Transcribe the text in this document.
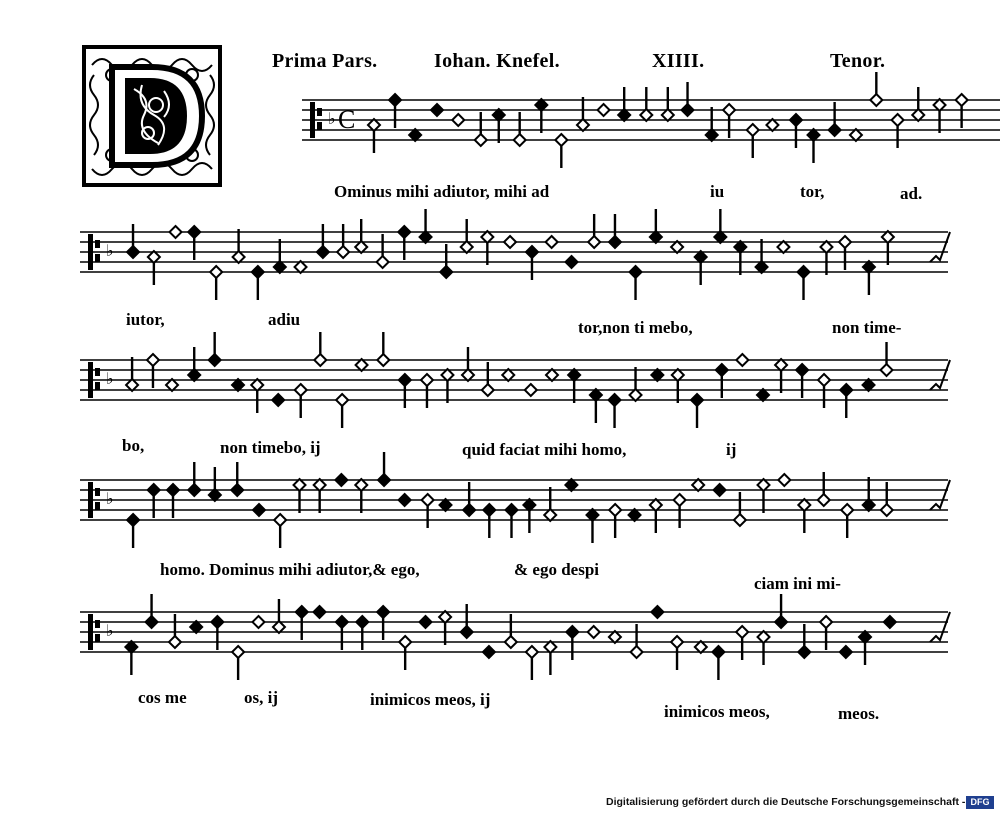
Prima Pars.	Iohan. Knefel.	XIIII.	Tenor.
D
♭ C
♭
♭
♭
♭
Ominus mihi adiutor, mihi ad	iu	tor,	ad.
iutor,	adiu	tor,non ti mebo,	non time-
bo,	non timebo, ij	quid faciat mihi homo,	ij
homo. Dominus mihi adiutor,& ego,	& ego despi
ciam ini mi-
cos me	os, ij	inimicos meos, ij
inimicos meos,	meos.
Digitalisierung gefördert durch die Deutsche Forschungsgemeinschaft - DFG
